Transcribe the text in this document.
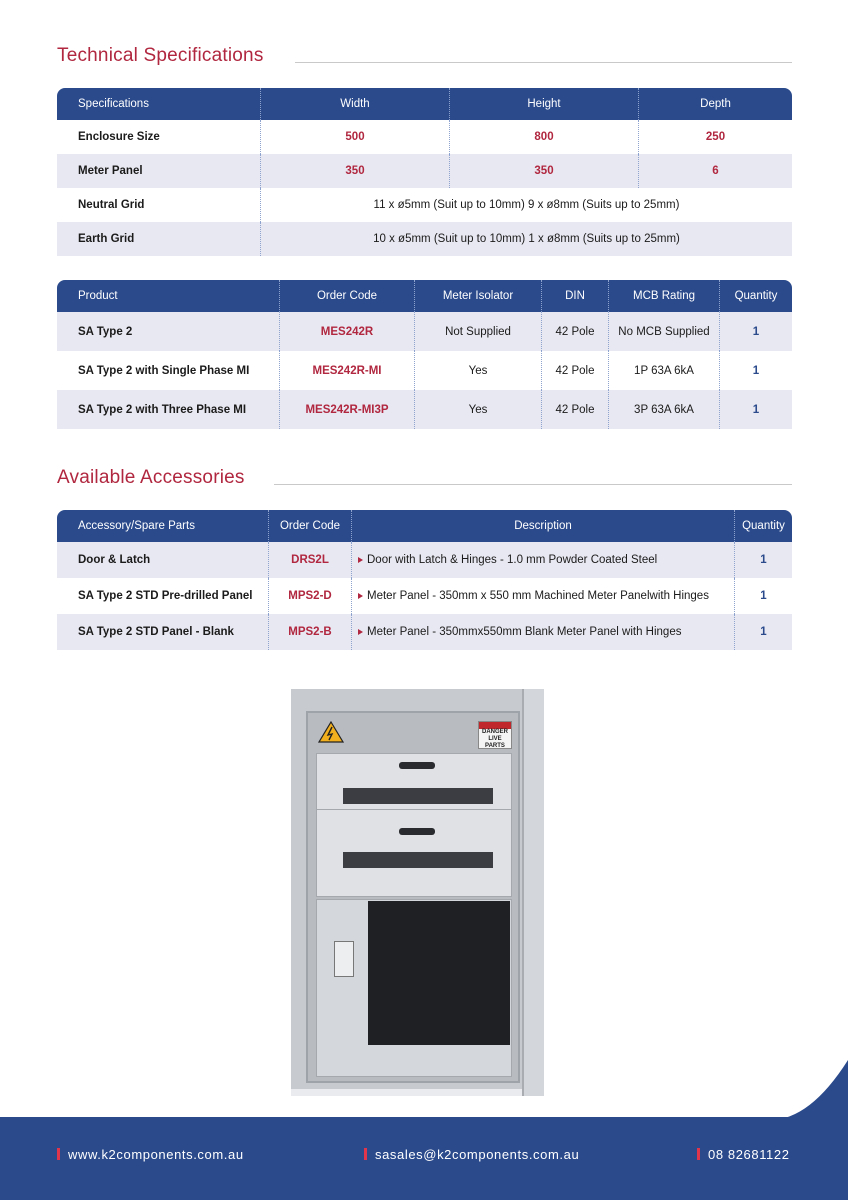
Technical Specifications
Specifications	Width	Height	Depth
Enclosure Size	500	800	250
Meter Panel	350	350	6
Neutral Grid	11 x ø5mm (Suit up to 10mm) 9 x ø8mm (Suits up to 25mm)		
Earth Grid	10 x ø5mm (Suit up to 10mm) 1 x ø8mm (Suits up to 25mm)		
Product	Order Code	Meter Isolator	DIN	MCB Rating	Quantity
SA Type 2	MES242R	Not Supplied	42 Pole	No MCB Supplied	1
SA Type 2 with Single Phase MI	MES242R-MI	Yes	42 Pole	1P 63A 6kA	1
SA Type 2 with Three Phase MI	MES242R-MI3P	Yes	42 Pole	3P 63A 6kA	1
Available Accessories
Accessory/Spare Parts	Order Code	Description	Quantity
Door & Latch	DRS2L	Door with Latch & Hinges - 1.0 mm Powder Coated Steel	1
SA Type 2 STD Pre-drilled Panel	MPS2-D	Meter Panel - 350mm x 550 mm Machined Meter Panelwith Hinges	1
SA Type 2 STD Panel - Blank	MPS2-B	Meter Panel - 350mmx550mm Blank Meter Panel with Hinges	1
DANGER LIVE PARTS
www.k2components.com.au	sasales@k2components.com.au	08 82681122
